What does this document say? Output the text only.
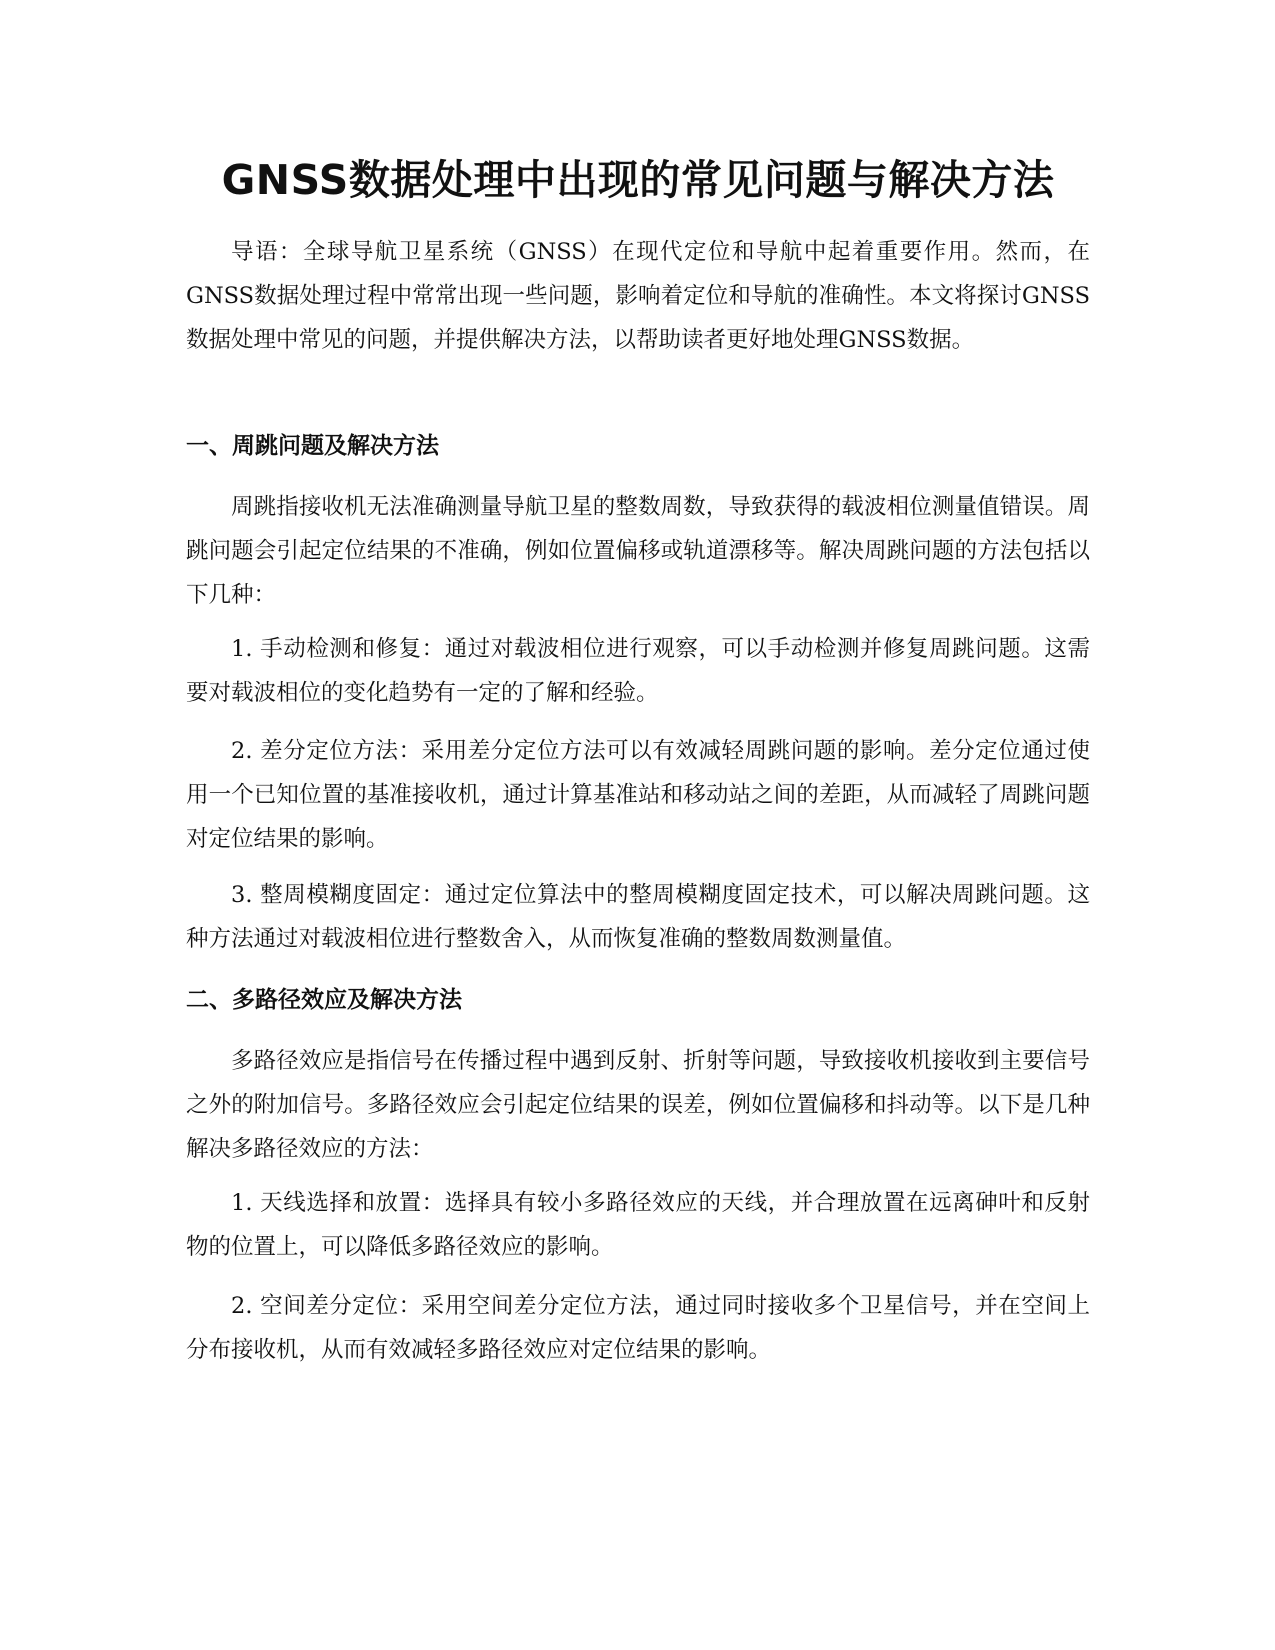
GNSS数据处理中出现的常见问题与解决方法

导语：全球导航卫星系统（GNSS）在现代定位和导航中起着重要作用。然而，在GNSS数据处理过程中常常出现一些问题，影响着定位和导航的准确性。本文将探讨GNSS数据处理中常见的问题，并提供解决方法，以帮助读者更好地处理GNSS数据。

一、周跳问题及解决方法

周跳指接收机无法准确测量导航卫星的整数周数，导致获得的载波相位测量值错误。周跳问题会引起定位结果的不准确，例如位置偏移或轨道漂移等。解决周跳问题的方法包括以下几种：

1. 手动检测和修复：通过对载波相位进行观察，可以手动检测并修复周跳问题。这需要对载波相位的变化趋势有一定的了解和经验。

2. 差分定位方法：采用差分定位方法可以有效减轻周跳问题的影响。差分定位通过使用一个已知位置的基准接收机，通过计算基准站和移动站之间的差距，从而减轻了周跳问题对定位结果的影响。

3. 整周模糊度固定：通过定位算法中的整周模糊度固定技术，可以解决周跳问题。这种方法通过对载波相位进行整数舍入，从而恢复准确的整数周数测量值。

二、多路径效应及解决方法

多路径效应是指信号在传播过程中遇到反射、折射等问题，导致接收机接收到主要信号之外的附加信号。多路径效应会引起定位结果的误差，例如位置偏移和抖动等。以下是几种解决多路径效应的方法：

1. 天线选择和放置：选择具有较小多路径效应的天线，并合理放置在远离砷叶和反射物的位置上，可以降低多路径效应的影响。

2. 空间差分定位：采用空间差分定位方法，通过同时接收多个卫星信号，并在空间上分布接收机，从而有效减轻多路径效应对定位结果的影响。
